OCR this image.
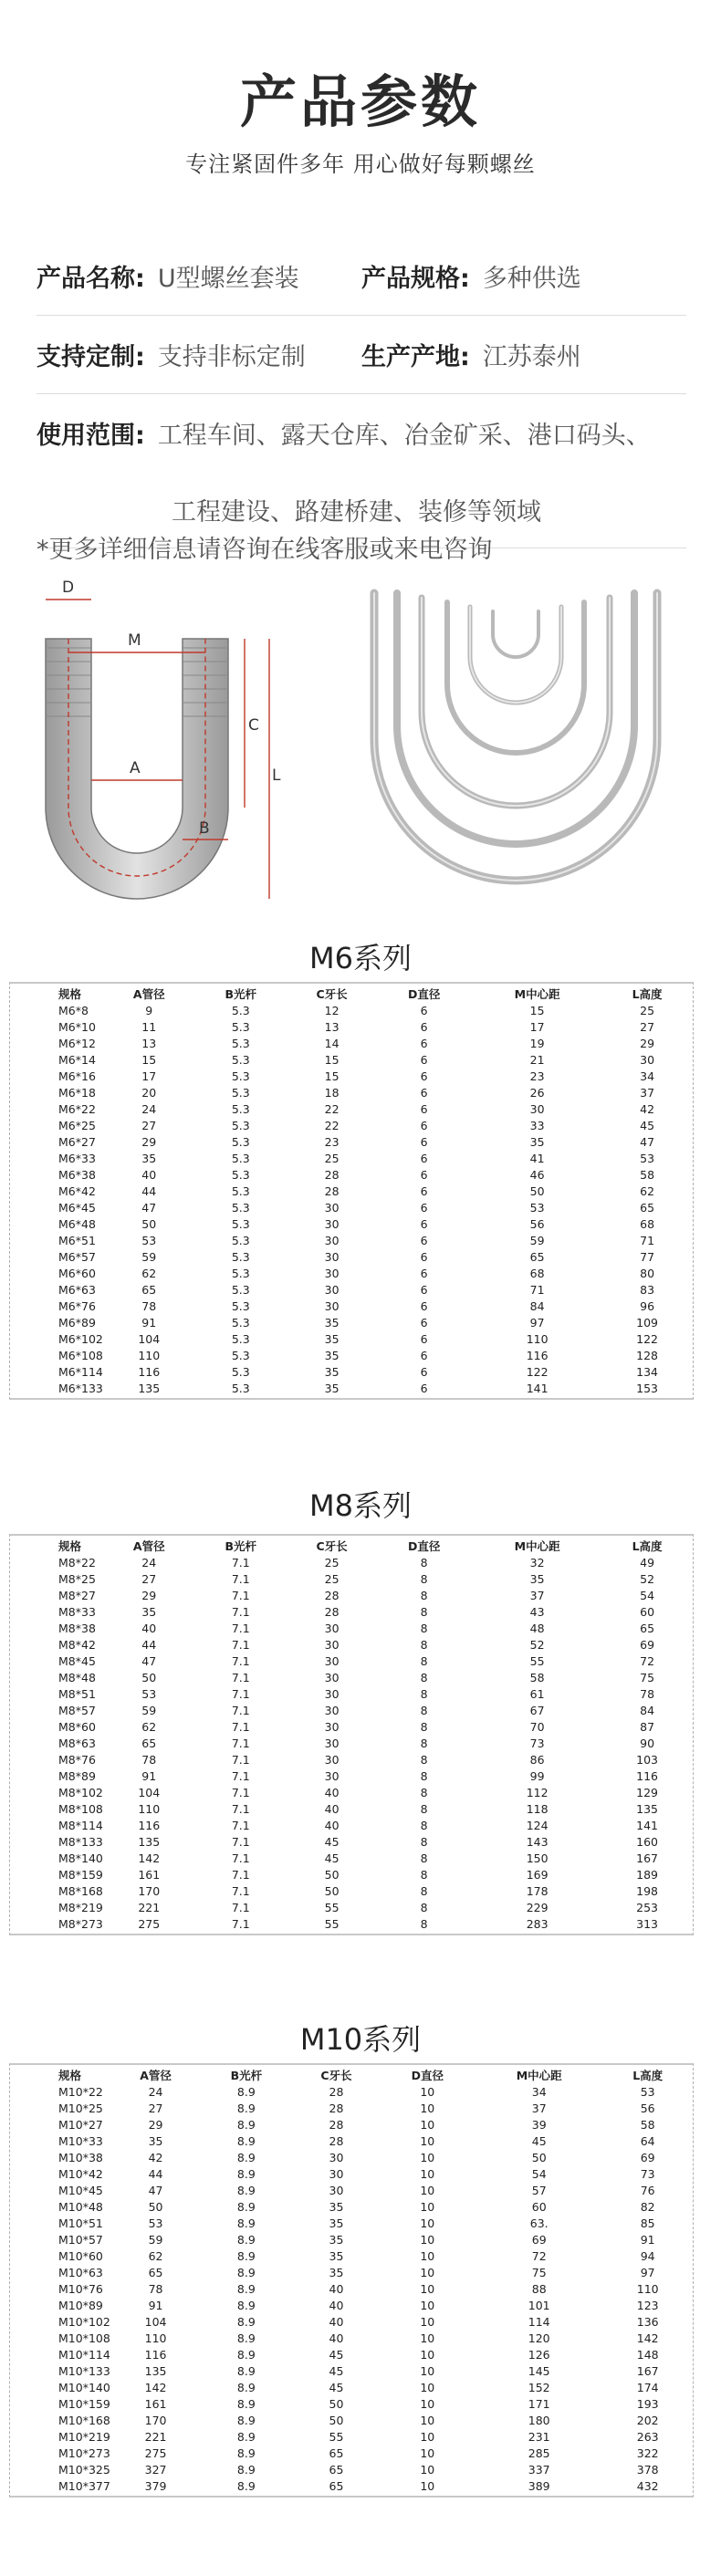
产品参数
专注紧固件多年 用心做好每颗螺丝
产品名称: U型螺丝套装	产品规格: 多种供选
支持定制: 支持非标定制 生产产地: 江苏泰州
使用范围: 工程车间、露天仓库、冶金矿采、港口码头、
工程建设、路建桥建、装修等领域
*更多详细信息请咨询在线客服或来电咨询
D
M
A
B
C
L
M6系列
规格	A管径	B光杆	C牙长	D直径	M中心距	L高度
M6*8	9	5.3	12	6	15	25
M6*10	11	5.3	13	6	17	27
M6*12	13	5.3	14	6	19	29
M6*14	15	5.3	15	6	21	30
M6*16	17	5.3	15	6	23	34
M6*18	20	5.3	18	6	26	37
M6*22	24	5.3	22	6	30	42
M6*25	27	5.3	22	6	33	45
M6*27	29	5.3	23	6	35	47
M6*33	35	5.3	25	6	41	53
M6*38	40	5.3	28	6	46	58
M6*42	44	5.3	28	6	50	62
M6*45	47	5.3	30	6	53	65
M6*48	50	5.3	30	6	56	68
M6*51	53	5.3	30	6	59	71
M6*57	59	5.3	30	6	65	77
M6*60	62	5.3	30	6	68	80
M6*63	65	5.3	30	6	71	83
M6*76	78	5.3	30	6	84	96
M6*89	91	5.3	35	6	97	109
M6*102	104	5.3	35	6	110	122
M6*108	110	5.3	35	6	116	128
M6*114	116	5.3	35	6	122	134
M6*133	135	5.3	35	6	141	153
M8系列
规格	A管径	B光杆	C牙长	D直径	M中心距	L高度
M8*22	24	7.1	25	8	32	49
M8*25	27	7.1	25	8	35	52
M8*27	29	7.1	28	8	37	54
M8*33	35	7.1	28	8	43	60
M8*38	40	7.1	30	8	48	65
M8*42	44	7.1	30	8	52	69
M8*45	47	7.1	30	8	55	72
M8*48	50	7.1	30	8	58	75
M8*51	53	7.1	30	8	61	78
M8*57	59	7.1	30	8	67	84
M8*60	62	7.1	30	8	70	87
M8*63	65	7.1	30	8	73	90
M8*76	78	7.1	30	8	86	103
M8*89	91	7.1	30	8	99	116
M8*102	104	7.1	40	8	112	129
M8*108	110	7.1	40	8	118	135
M8*114	116	7.1	40	8	124	141
M8*133	135	7.1	45	8	143	160
M8*140	142	7.1	45	8	150	167
M8*159	161	7.1	50	8	169	189
M8*168	170	7.1	50	8	178	198
M8*219	221	7.1	55	8	229	253
M8*273	275	7.1	55	8	283	313
M10系列
规格	A管径	B光杆	C牙长	D直径	M中心距	L高度
M10*22	24	8.9	28	10	34	53
M10*25	27	8.9	28	10	37	56
M10*27	29	8.9	28	10	39	58
M10*33	35	8.9	28	10	45	64
M10*38	42	8.9	30	10	50	69
M10*42	44	8.9	30	10	54	73
M10*45	47	8.9	30	10	57	76
M10*48	50	8.9	35	10	60	82
M10*51	53	8.9	35	10	63.	85
M10*57	59	8.9	35	10	69	91
M10*60	62	8.9	35	10	72	94
M10*63	65	8.9	35	10	75	97
M10*76	78	8.9	40	10	88	110
M10*89	91	8.9	40	10	101	123
M10*102	104	8.9	40	10	114	136
M10*108	110	8.9	40	10	120	142
M10*114	116	8.9	45	10	126	148
M10*133	135	8.9	45	10	145	167
M10*140	142	8.9	45	10	152	174
M10*159	161	8.9	50	10	171	193
M10*168	170	8.9	50	10	180	202
M10*219	221	8.9	55	10	231	263
M10*273	275	8.9	65	10	285	322
M10*325	327	8.9	65	10	337	378
M10*377	379	8.9	65	10	389	432
